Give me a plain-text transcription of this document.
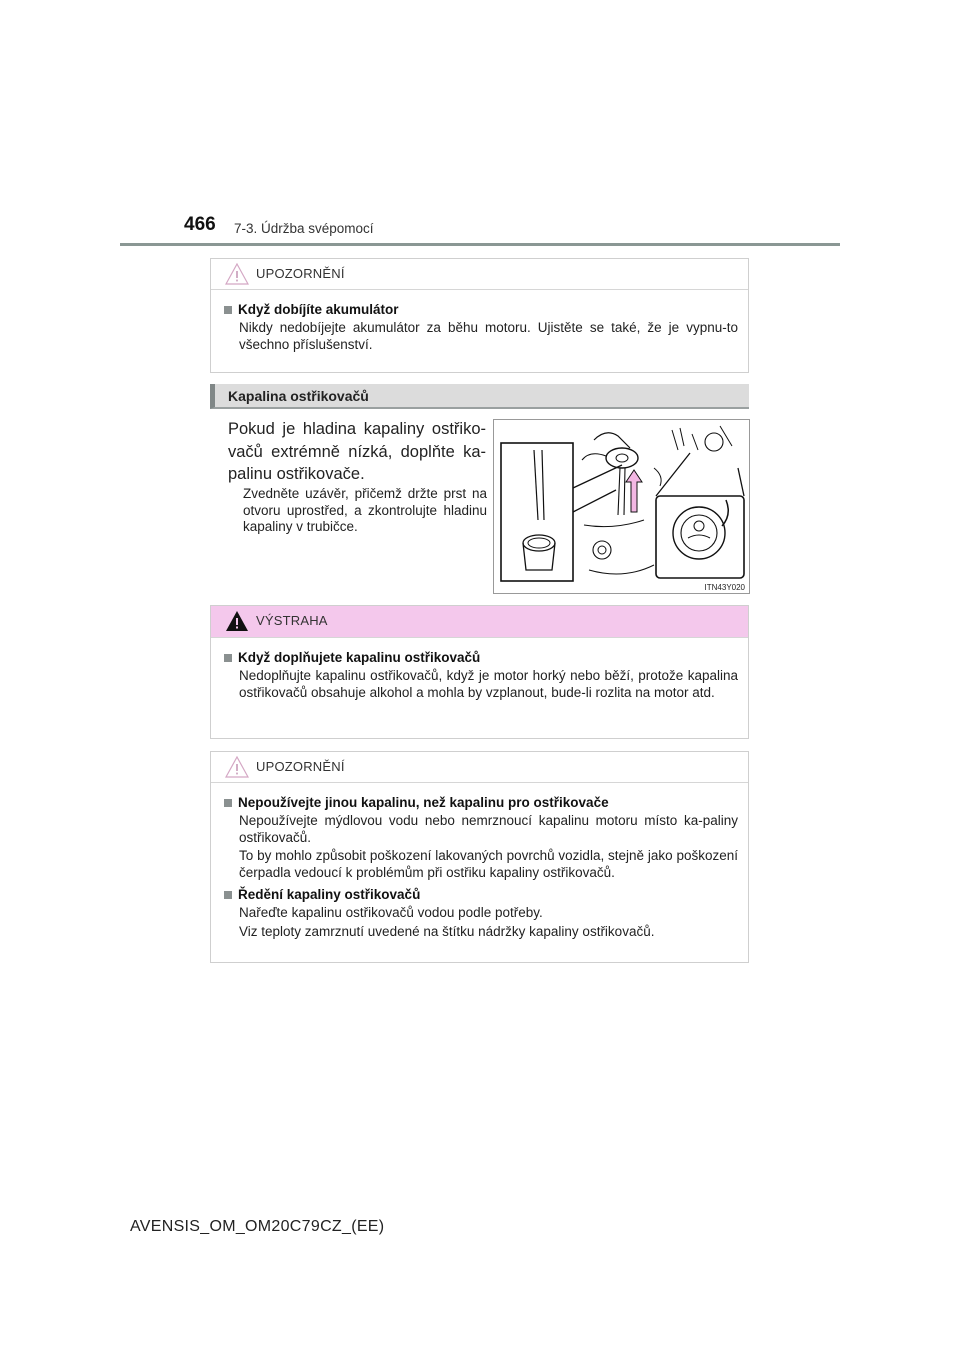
466 7-3. Údržba svépomocí
UPOZORNĚNÍ
Když dobíjíte akumulátor
Nikdy nedobíjejte akumulátor za běhu motoru. Ujistěte se také, že je vypnu-to všechno příslušenství.
Kapalina ostřikovačů
Pokud je hladina kapaliny ostřiko-vačů extrémně nízká, doplňte ka-palinu ostřikovače.
Zvedněte uzávěr, přičemž držte prst na otvoru uprostřed, a zkontrolujte hladinu kapaliny v trubičce.
ITN43Y020
VÝSTRAHA
Když doplňujete kapalinu ostřikovačů
Nedoplňujte kapalinu ostřikovačů, když je motor horký nebo běží, protože kapalina ostřikovačů obsahuje alkohol a mohla by vzplanout, bude-li rozlita na motor atd.
UPOZORNĚNÍ
Nepoužívejte jinou kapalinu, než kapalinu pro ostřikovače
Nepoužívejte mýdlovou vodu nebo nemrznoucí kapalinu motoru místo ka-paliny ostřikovačů.
To by mohlo způsobit poškození lakovaných povrchů vozidla, stejně jako poškození čerpadla vedoucí k problémům při ostřiku kapaliny ostřikovačů.
Ředění kapaliny ostřikovačů
Nařeďte kapalinu ostřikovačů vodou podle potřeby.
Viz teploty zamrznutí uvedené na štítku nádržky kapaliny ostřikovačů.
AVENSIS_OM_OM20C79CZ_(EE)
